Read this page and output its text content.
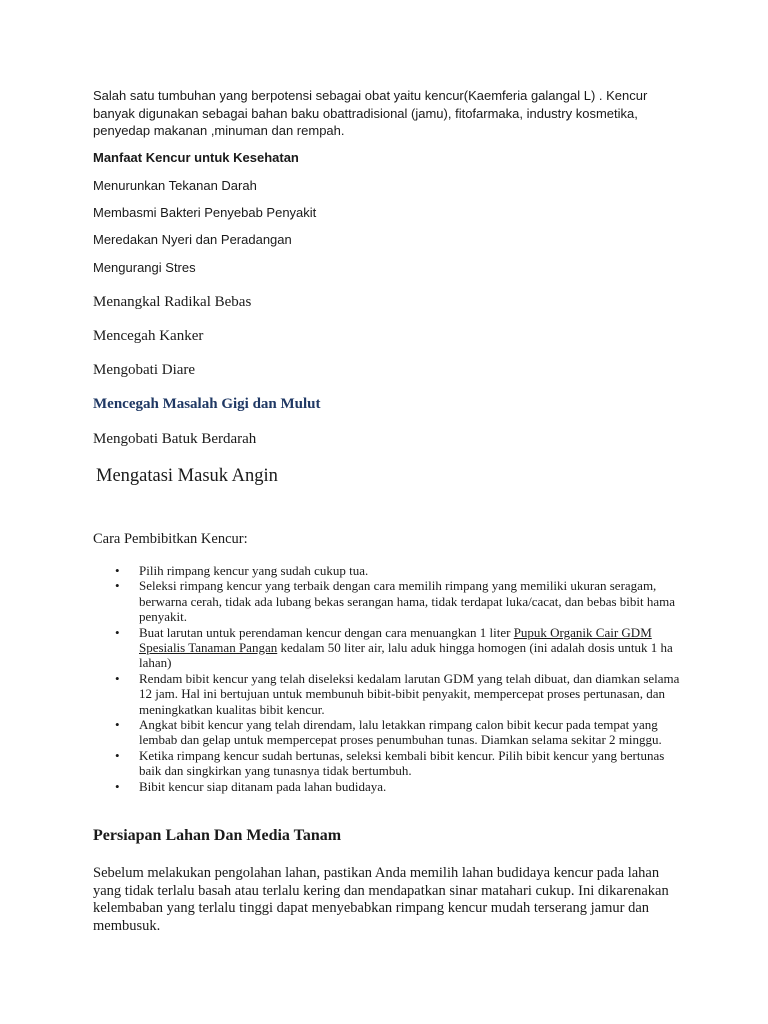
Salah satu tumbuhan yang berpotensi sebagai obat yaitu kencur(Kaemferia galangal L) . Kencur banyak digunakan sebagai bahan baku obattradisional (jamu), fitofarmaka, industry kosmetika, penyedap makanan ,minuman dan rempah.

Manfaat Kencur untuk Kesehatan

Menurunkan Tekanan Darah

Membasmi Bakteri Penyebab Penyakit

Meredakan Nyeri dan Peradangan

Mengurangi Stres

Menangkal Radikal Bebas

Mencegah Kanker

Mengobati Diare

Mencegah Masalah Gigi dan Mulut

Mengobati Batuk Berdarah

Mengatasi Masuk Angin

Cara Pembibitkan Kencur:

• Pilih rimpang kencur yang sudah cukup tua.
• Seleksi rimpang kencur yang terbaik dengan cara memilih rimpang yang memiliki ukuran seragam, berwarna cerah, tidak ada lubang bekas serangan hama, tidak terdapat luka/cacat, dan bebas bibit hama penyakit.
• Buat larutan untuk perendaman kencur dengan cara menuangkan 1 liter Pupuk Organik Cair GDM Spesialis Tanaman Pangan kedalam 50 liter air, lalu aduk hingga homogen (ini adalah dosis untuk 1 ha lahan)
• Rendam bibit kencur yang telah diseleksi kedalam larutan GDM yang telah dibuat, dan diamkan selama 12 jam. Hal ini bertujuan untuk membunuh bibit-bibit penyakit, mempercepat proses pertunasan, dan meningkatkan kualitas bibit kencur.
• Angkat bibit kencur yang telah direndam, lalu letakkan rimpang calon bibit kecur pada tempat yang lembab dan gelap untuk mempercepat proses penumbuhan tunas. Diamkan selama sekitar 2 minggu.
• Ketika rimpang kencur sudah bertunas, seleksi kembali bibit kencur. Pilih bibit kencur yang bertunas baik dan singkirkan yang tunasnya tidak bertumbuh.
• Bibit kencur siap ditanam pada lahan budidaya.

Persiapan Lahan Dan Media Tanam

Sebelum melakukan pengolahan lahan, pastikan Anda memilih lahan budidaya kencur pada lahan yang tidak terlalu basah atau terlalu kering dan mendapatkan sinar matahari cukup. Ini dikarenakan kelembaban yang terlalu tinggi dapat menyebabkan rimpang kencur mudah terserang jamur dan membusuk.
